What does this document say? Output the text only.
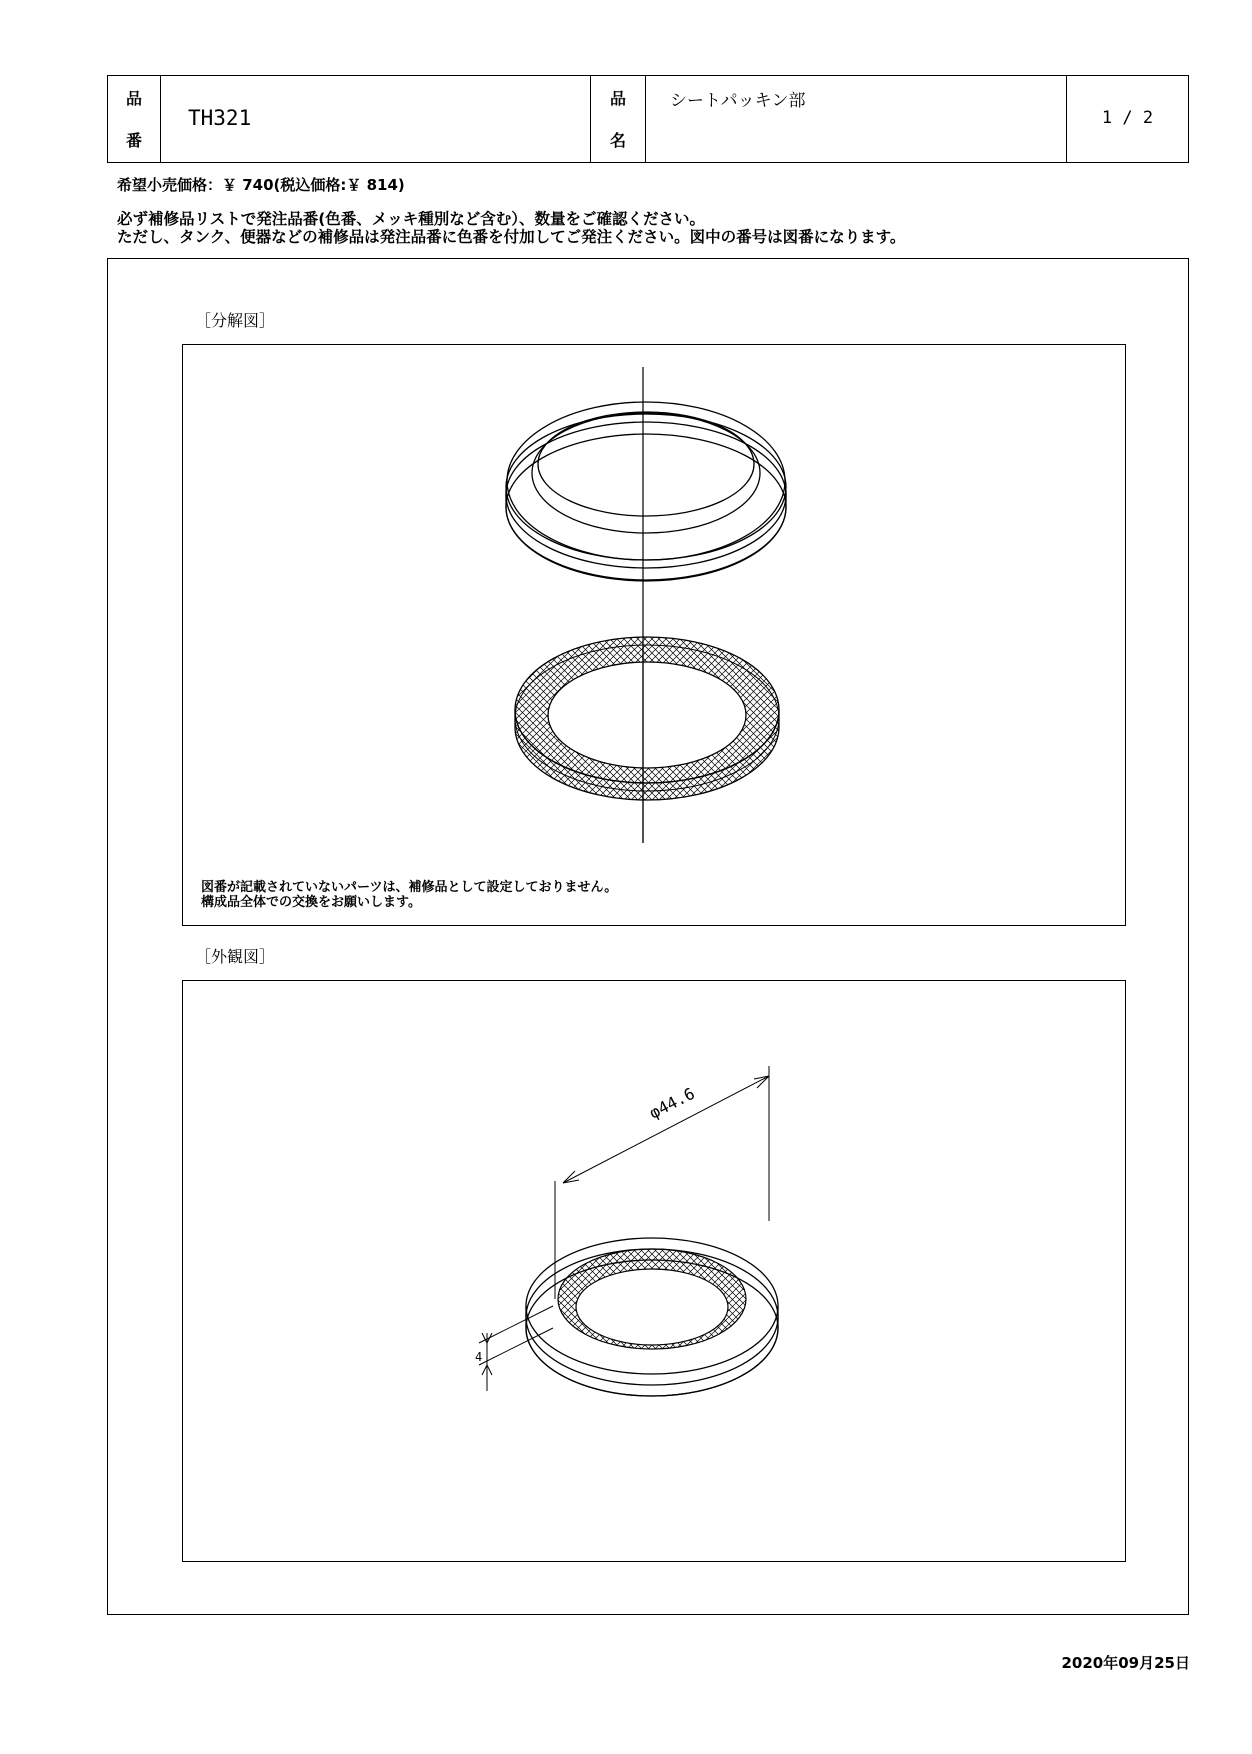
品
番
TH321
品
名
シートパッキン部
1 / 2
希望小売価格：￥ 740(税込価格:￥ 814)
必ず補修品リストで発注品番(色番、メッキ種別など含む）、数量をご確認ください。
ただし、タンク、便器などの補修品は発注品番に色番を付加してご発注ください。図中の番号は図番になります。
［分解図］
図番が記載されていないパーツは、補修品として設定しておりません。
構成品全体での交換をお願いします。
［外観図］
φ44.6
4
2020年09月25日
